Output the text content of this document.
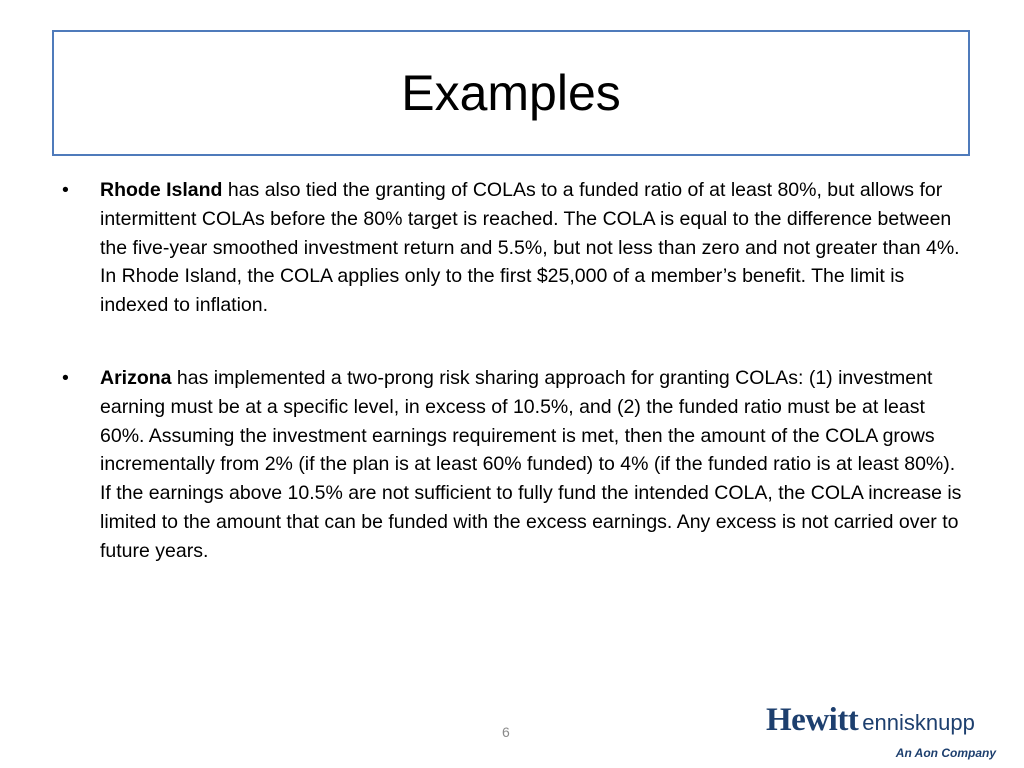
Examples
• Rhode Island has also tied the granting of COLAs to a funded ratio of at least 80%, but allows for intermittent COLAs before the 80% target is reached. The COLA is equal to the difference between the five-year smoothed investment return and 5.5%, but not less than zero and not greater than 4%. In Rhode Island, the COLA applies only to the first $25,000 of a member’s benefit. The limit is indexed to inflation.
• Arizona has implemented a two-prong risk sharing approach for granting COLAs: (1) investment earning must be at a specific level, in excess of 10.5%, and (2) the funded ratio must be at least 60%. Assuming the investment earnings requirement is met, then the amount of the COLA grows incrementally from 2% (if the plan is at least 60% funded) to 4% (if the funded ratio is at least 80%). If the earnings above 10.5% are not sufficient to fully fund the intended COLA, the COLA increase is limited to the amount that can be funded with the excess earnings. Any excess is not carried over to future years.
6	Hewitt ennisknupp
An Aon Company
